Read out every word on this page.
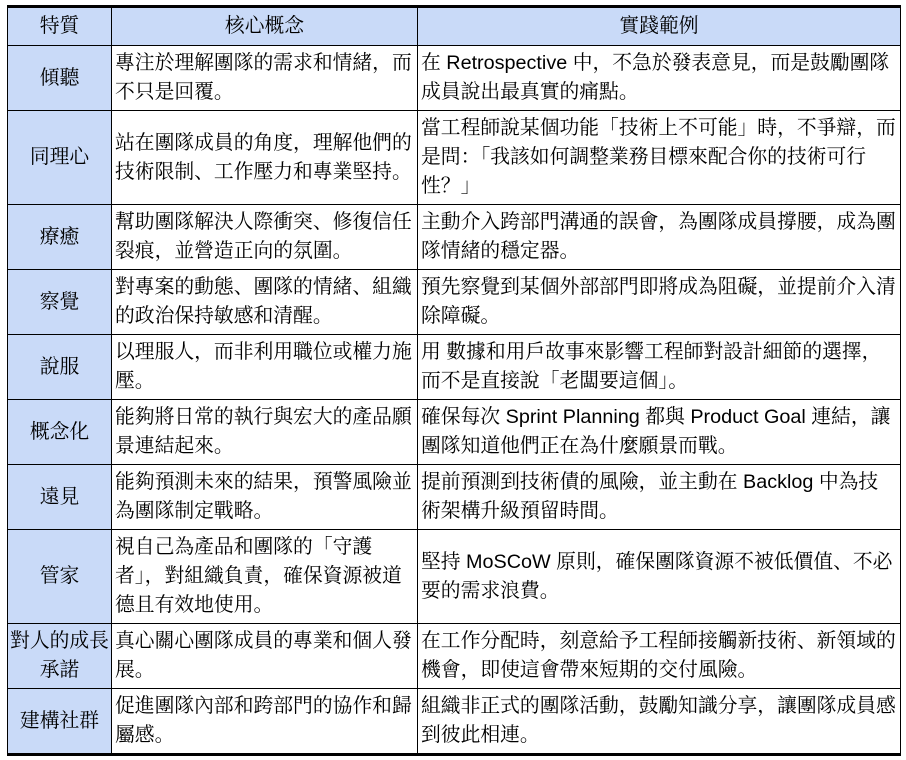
特質	核心概念	實踐範例
傾聽	專注於理解團隊的需求和情緒，而不只是回覆。	在 Retrospective 中，不急於發表意見，而是鼓勵團隊成員說出最真實的痛點。
同理心	站在團隊成員的角度，理解他們的技術限制、工作壓力和專業堅持。	當工程師說某個功能「技術上不可能」時，不爭辯，而是問：「我該如何調整業務目標來配合你的技術可行性？」
療癒	幫助團隊解決人際衝突、修復信任裂痕，並營造正向的氛圍。	主動介入跨部門溝通的誤會，為團隊成員撐腰，成為團隊情緒的穩定器。
察覺	對專案的動態、團隊的情緒、組織的政治保持敏感和清醒。	預先察覺到某個外部部門即將成為阻礙，並提前介入清除障礙。
說服	以理服人，而非利用職位或權力施壓。	用 數據和用戶故事來影響工程師對設計細節的選擇，而不是直接說「老闆要這個」。
概念化	能夠將日常的執行與宏大的產品願景連結起來。	確保每次 Sprint Planning 都與 Product Goal 連結，讓團隊知道他們正在為什麼願景而戰。
遠見	能夠預測未來的結果，預警風險並為團隊制定戰略。	提前預測到技術債的風險，並主動在 Backlog 中為技術架構升級預留時間。
管家	視自己為產品和團隊的「守護者」，對組織負責，確保資源被道德且有效地使用。	堅持 MoSCoW 原則，確保團隊資源不被低價值、不必要的需求浪費。
對人的成長承諾	真心關心團隊成員的專業和個人發展。	在工作分配時，刻意給予工程師接觸新技術、新領域的機會，即使這會帶來短期的交付風險。
建構社群	促進團隊內部和跨部門的協作和歸屬感。	組織非正式的團隊活動，鼓勵知識分享，讓團隊成員感到彼此相連。
